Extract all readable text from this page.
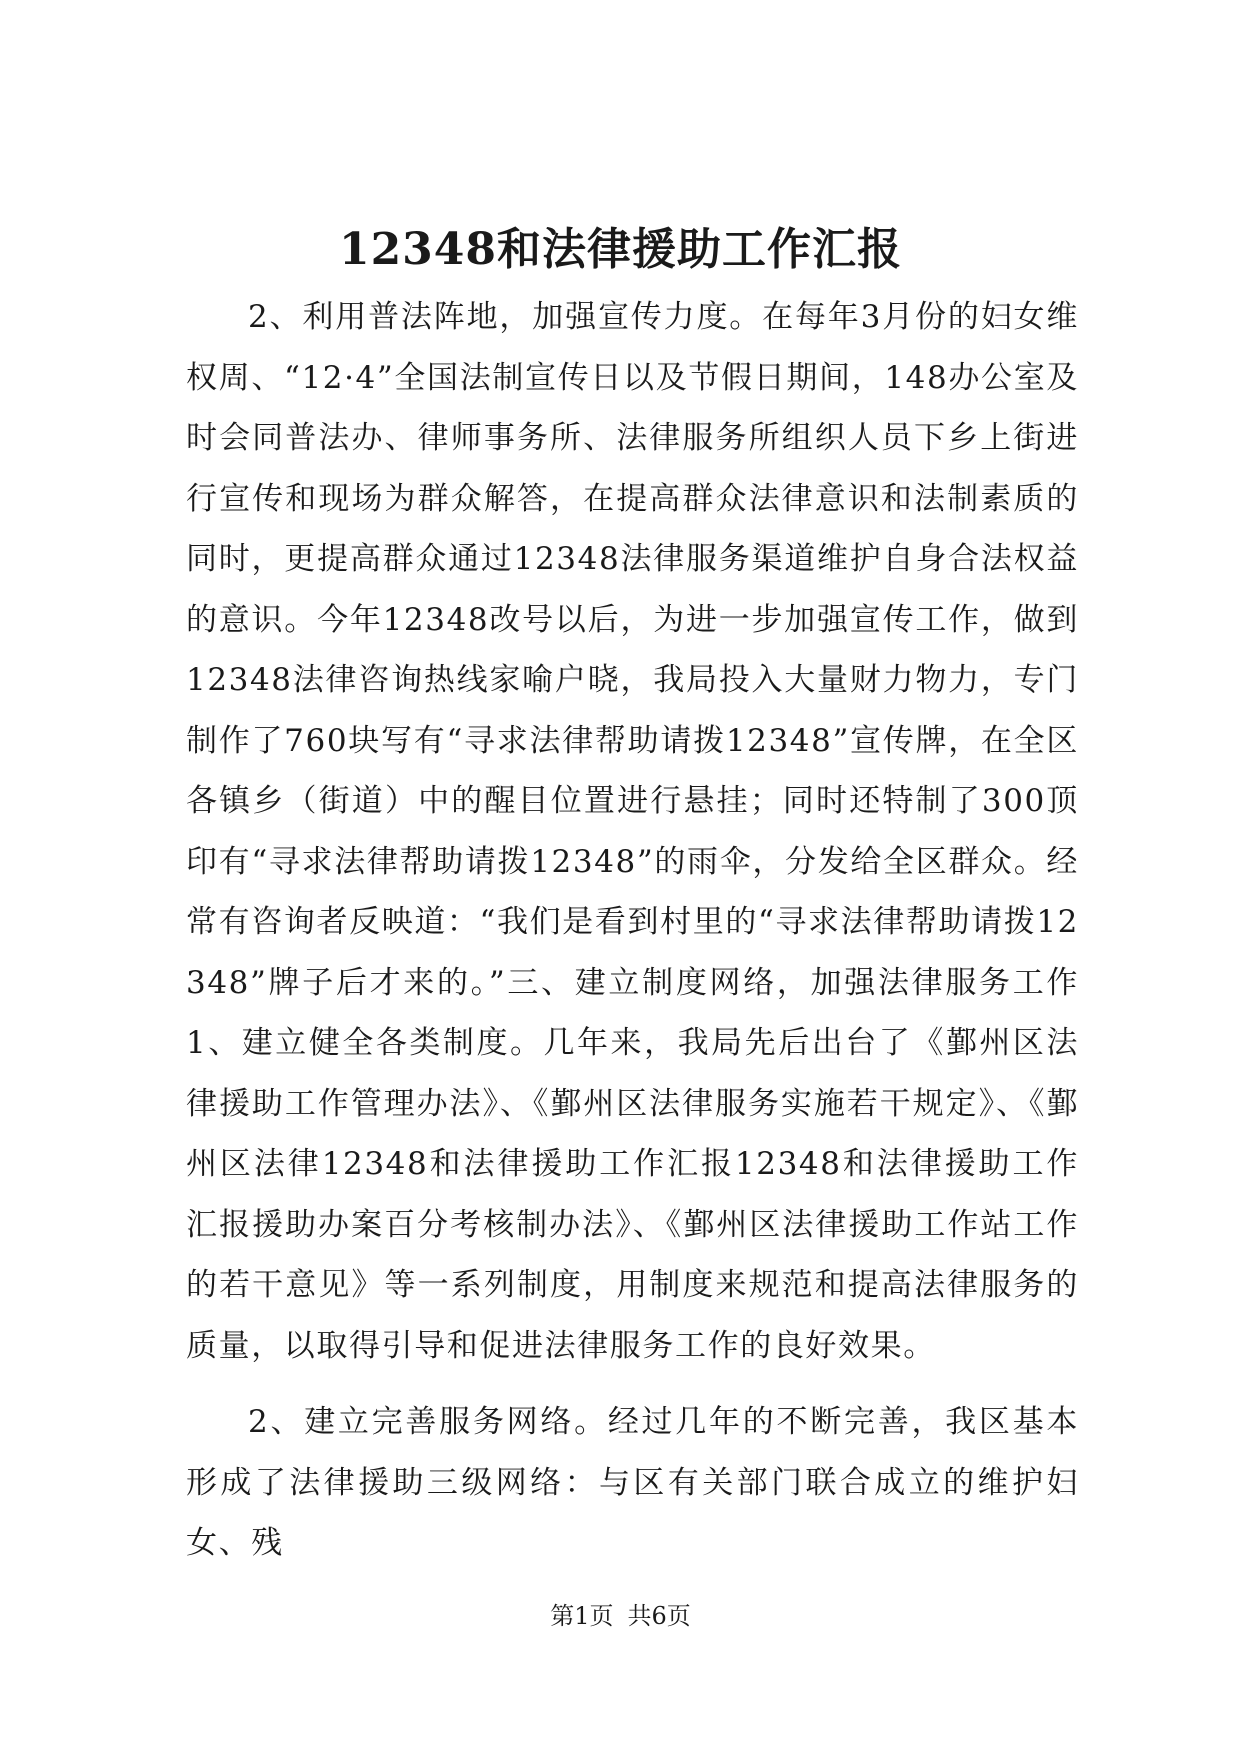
12348和法律援助工作汇报

2、利用普法阵地，加强宣传力度。在每年3月份的妇女维权周、“12·4”全国法制宣传日以及节假日期间，148办公室及时会同普法办、律师事务所、法律服务所组织人员下乡上街进行宣传和现场为群众解答，在提高群众法律意识和法制素质的同时，更提高群众通过12348法律服务渠道维护自身合法权益的意识。今年12348改号以后，为进一步加强宣传工作，做到12348法律咨询热线家喻户晓，我局投入大量财力物力，专门制作了760块写有“寻求法律帮助请拨12348”宣传牌，在全区各镇乡（街道）中的醒目位置进行悬挂；同时还特制了300顶印有“寻求法律帮助请拨12348”的雨伞，分发给全区群众。经常有咨询者反映道：“我们是看到村里的“寻求法律帮助请拨12348”牌子后才来的。”三、建立制度网络，加强法律服务工作1、建立健全各类制度。几年来，我局先后出台了《鄞州区法律援助工作管理办法》、《鄞州区法律服务实施若干规定》、《鄞州区法律12348和法律援助工作汇报12348和法律援助工作汇报援助办案百分考核制办法》、《鄞州区法律援助工作站工作的若干意见》等一系列制度，用制度来规范和提高法律服务的质量，以取得引导和促进法律服务工作的良好效果。

2、建立完善服务网络。经过几年的不断完善，我区基本形成了法律援助三级网络：与区有关部门联合成立的维护妇女、残

第1页 共6页
